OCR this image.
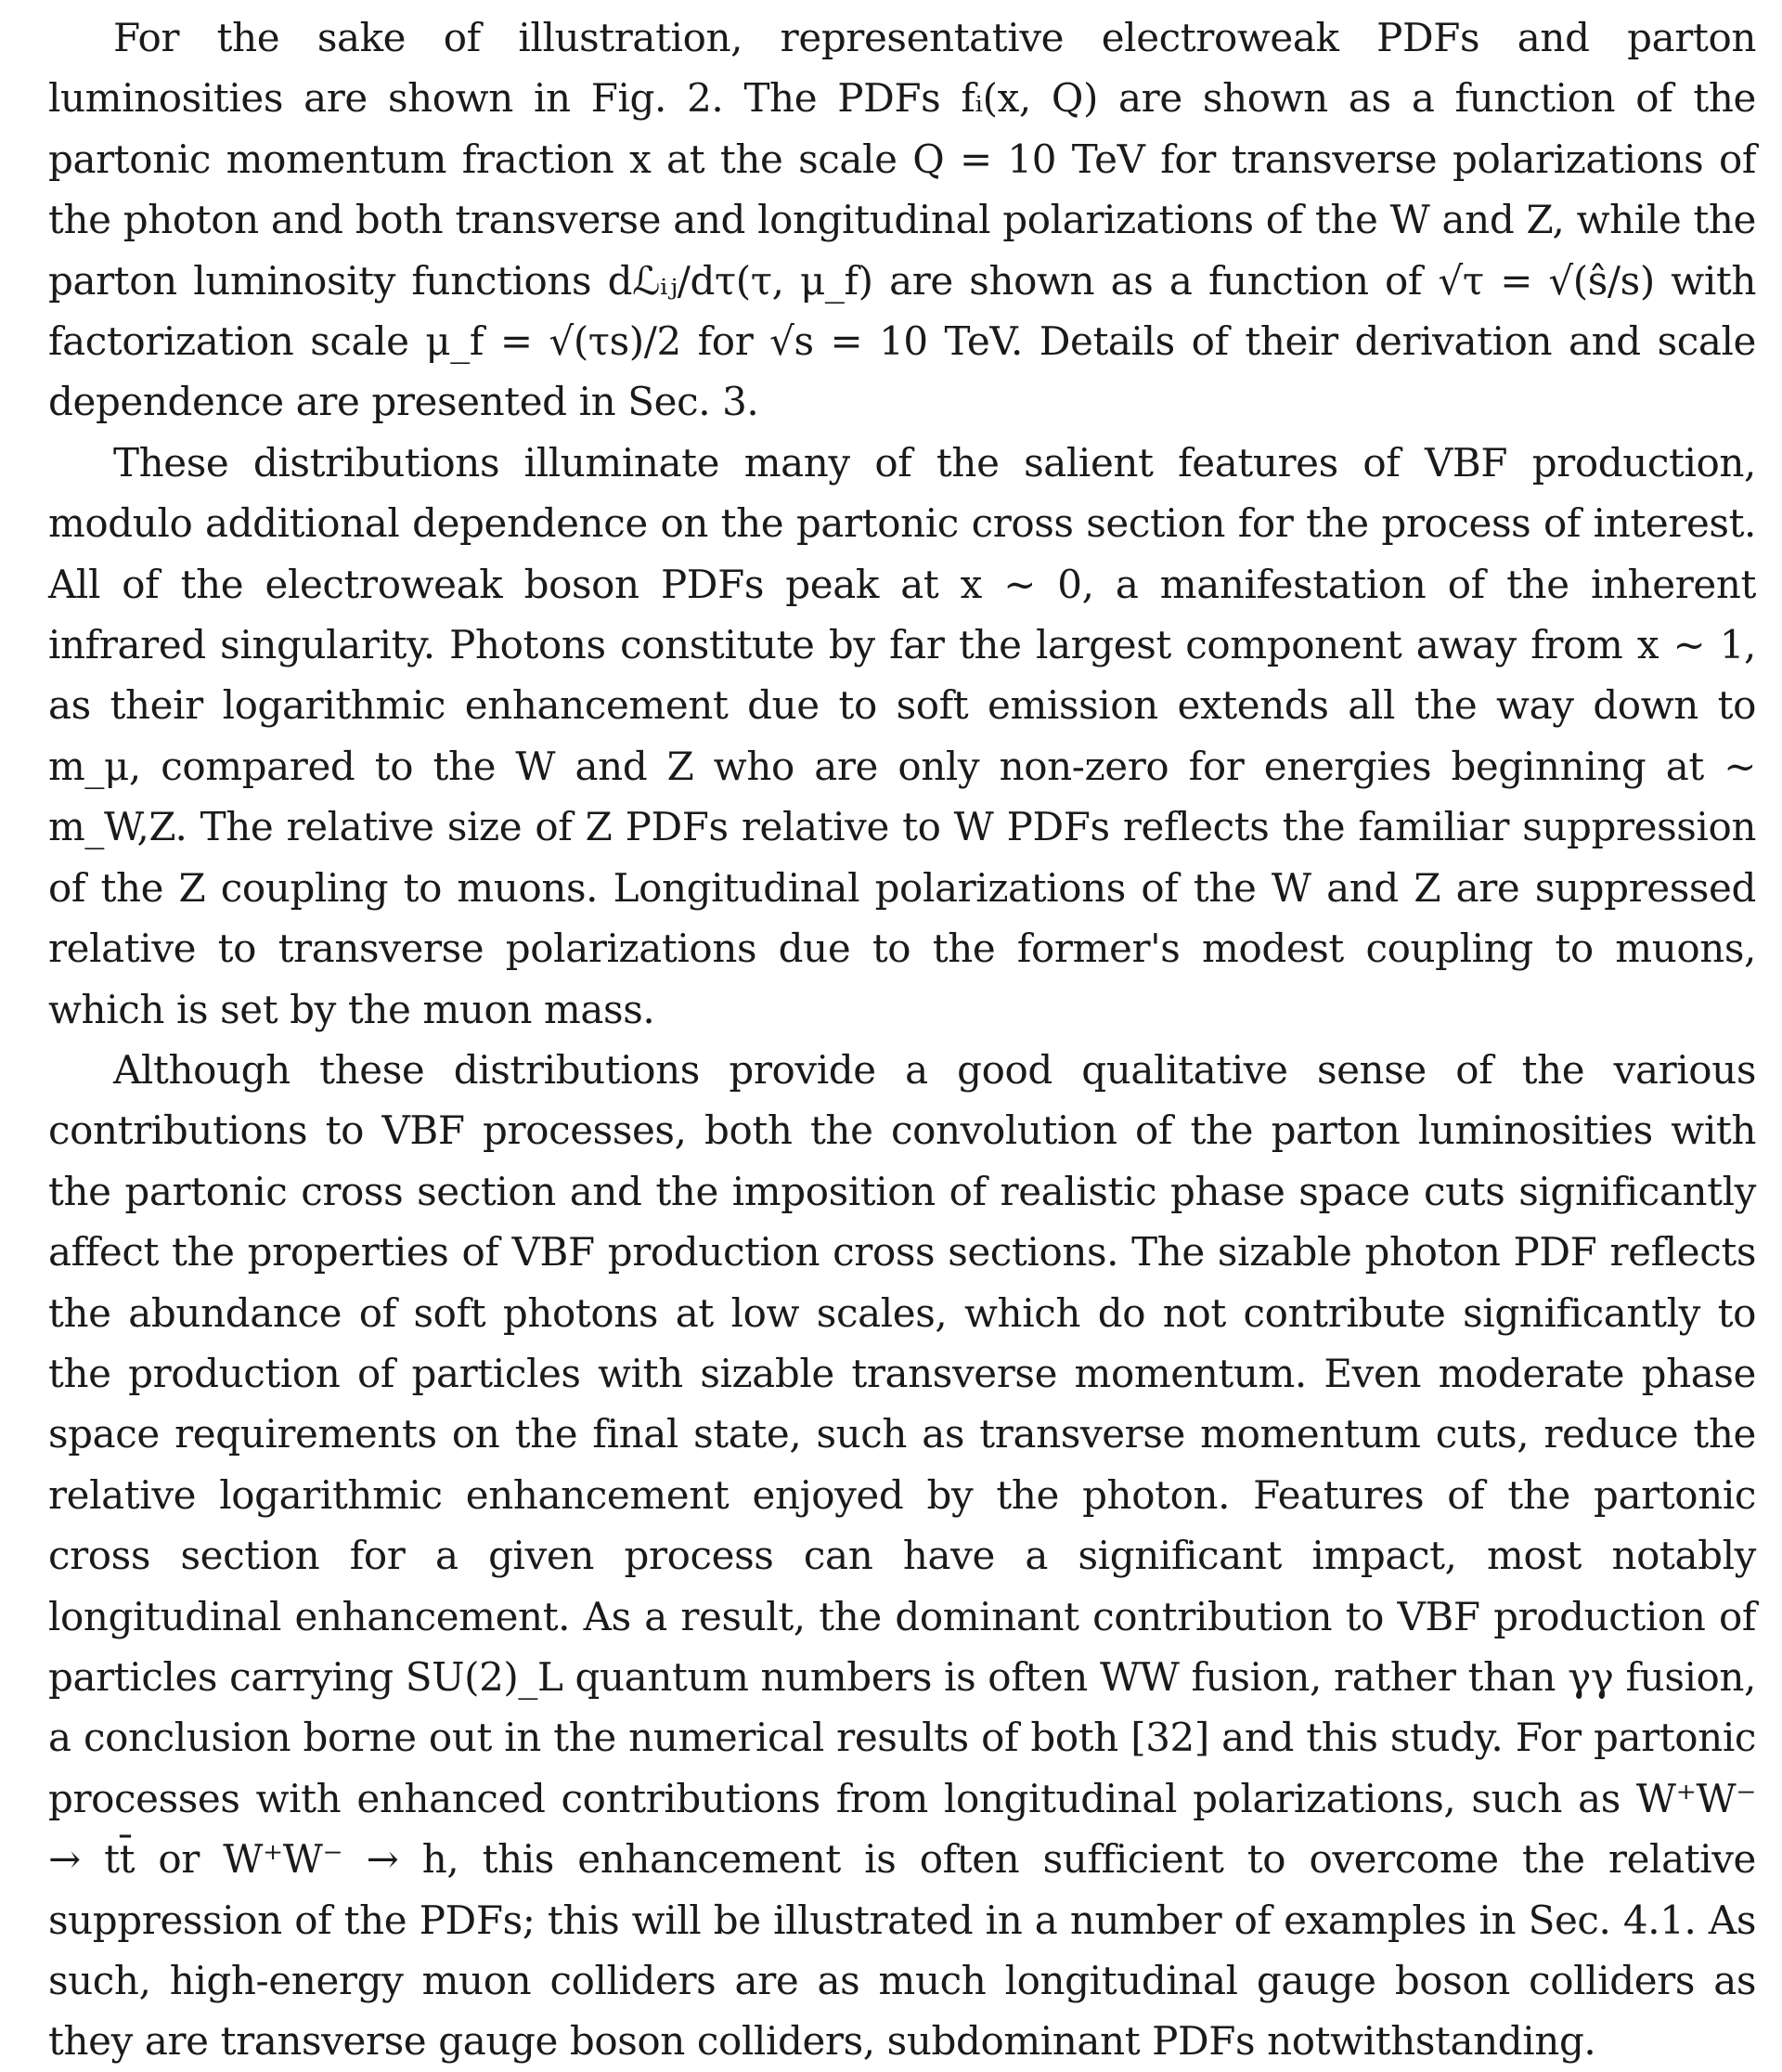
For the sake of illustration, representative electroweak PDFs and parton luminosities are shown in Fig. 2. The PDFs fᵢ(x, Q) are shown as a function of the partonic momentum fraction x at the scale Q = 10 TeV for transverse polarizations of the photon and both transverse and longitudinal polarizations of the W and Z, while the parton luminosity functions dℒᵢⱼ/dτ(τ, μ_f) are shown as a function of √τ = √(ŝ/s) with factorization scale μ_f = √(τs)/2 for √s = 10 TeV. Details of their derivation and scale dependence are presented in Sec. 3.

These distributions illuminate many of the salient features of VBF production, modulo additional dependence on the partonic cross section for the process of interest. All of the electroweak boson PDFs peak at x ∼ 0, a manifestation of the inherent infrared singularity. Photons constitute by far the largest component away from x ∼ 1, as their logarithmic enhancement due to soft emission extends all the way down to m_μ, compared to the W and Z who are only non-zero for energies beginning at ∼ m_W,Z. The relative size of Z PDFs relative to W PDFs reflects the familiar suppression of the Z coupling to muons. Longitudinal polarizations of the W and Z are suppressed relative to transverse polarizations due to the former's modest coupling to muons, which is set by the muon mass.

Although these distributions provide a good qualitative sense of the various contributions to VBF processes, both the convolution of the parton luminosities with the partonic cross section and the imposition of realistic phase space cuts significantly affect the properties of VBF production cross sections. The sizable photon PDF reflects the abundance of soft photons at low scales, which do not contribute significantly to the production of particles with sizable transverse momentum. Even moderate phase space requirements on the final state, such as transverse momentum cuts, reduce the relative logarithmic enhancement enjoyed by the photon. Features of the partonic cross section for a given process can have a significant impact, most notably longitudinal enhancement. As a result, the dominant contribution to VBF production of particles carrying SU(2)_L quantum numbers is often WW fusion, rather than γγ fusion, a conclusion borne out in the numerical results of both [32] and this study. For partonic processes with enhanced contributions from longitudinal polarizations, such as W⁺W⁻ → tt̄ or W⁺W⁻ → h, this enhancement is often sufficient to overcome the relative suppression of the PDFs; this will be illustrated in a number of examples in Sec. 4.1. As such, high-energy muon colliders are as much longitudinal gauge boson colliders as they are transverse gauge boson colliders, subdominant PDFs notwithstanding.
